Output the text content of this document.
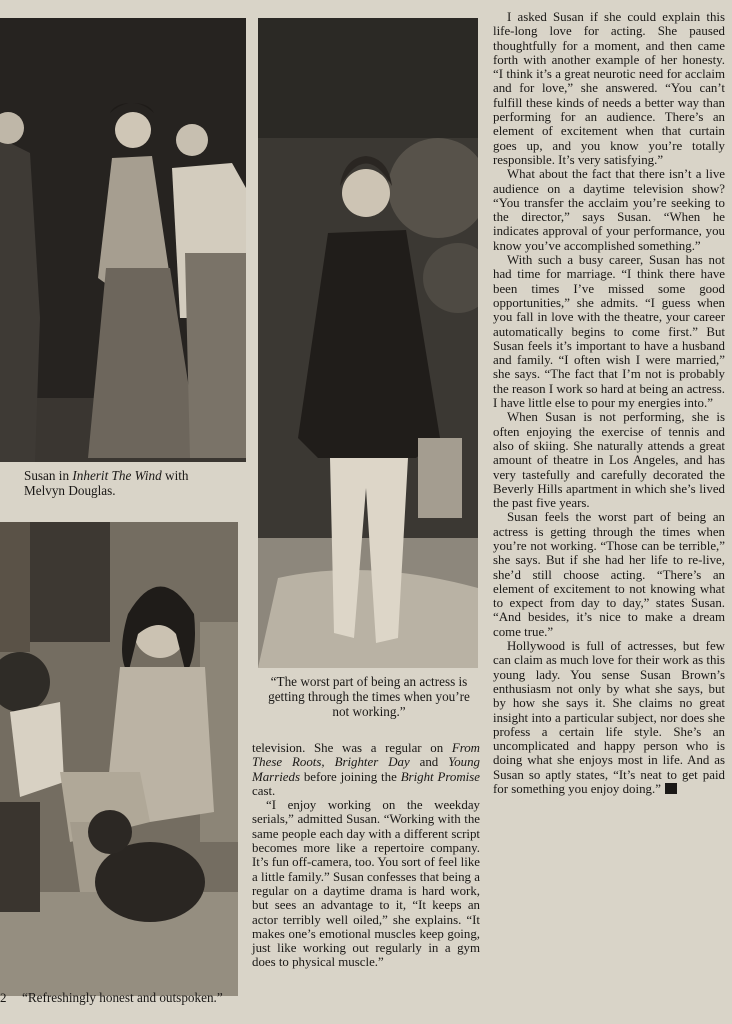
Susan in Inherit The Wind with
Melvyn Douglas.
“The worst part of being an actress is getting through the times when you’re not working.”
2 “Refreshingly honest and outspoken.”

television. She was a regular on From These Roots, Brighter Day and Young Marrieds before joining the Bright Promise cast.

“I enjoy working on the weekday serials,” admitted Susan. “Working with the same people each day with a different script becomes more like a repertoire company. It’s fun off-camera, too. You sort of feel like a little family.” Susan confesses that being a regular on a daytime drama is hard work, but sees an advantage to it, “It keeps an actor terribly well oiled,” she explains. “It makes one’s emotional muscles keep going, just like working out regularly in a gym does to physical muscle.”

I asked Susan if she could explain this life-long love for acting. She paused thoughtfully for a moment, and then came forth with another example of her honesty. “I think it’s a great neurotic need for acclaim and for love,” she answered. “You can’t fulfill these kinds of needs a better way than performing for an audience. There’s an element of excitement when that curtain goes up, and you know you’re totally responsible. It’s very satisfying.”

What about the fact that there isn’t a live audience on a daytime television show? “You transfer the acclaim you’re seeking to the director,” says Susan. “When he indicates approval of your performance, you know you’ve accomplished something.”

With such a busy career, Susan has not had time for marriage. “I think there have been times I’ve missed some good opportunities,” she admits. “I guess when you fall in love with the theatre, your career automatically begins to come first.” But Susan feels it’s important to have a husband and family. “I often wish I were married,” she says. “The fact that I’m not is probably the reason I work so hard at being an actress. I have little else to pour my energies into.”

When Susan is not performing, she is often enjoying the exercise of tennis and also of skiing. She naturally attends a great amount of theatre in Los Angeles, and has very tastefully and carefully decorated the Beverly Hills apartment in which she’s lived the past five years.

Susan feels the worst part of being an actress is getting through the times when you’re not working. “Those can be terrible,” she says. But if she had her life to re-live, she’d still choose acting. “There’s an element of excitement to not knowing what to expect from day to day,” states Susan. “And besides, it’s nice to make a dream come true.”

Hollywood is full of actresses, but few can claim as much love for their work as this young lady. You sense Susan Brown’s enthusiasm not only by what she says, but by how she says it. She claims no great insight into a particular subject, nor does she profess a certain life style. She’s an uncomplicated and happy person who is doing what she enjoys most in life. And as Susan so aptly states, “It’s neat to get paid for something you enjoy doing.”
